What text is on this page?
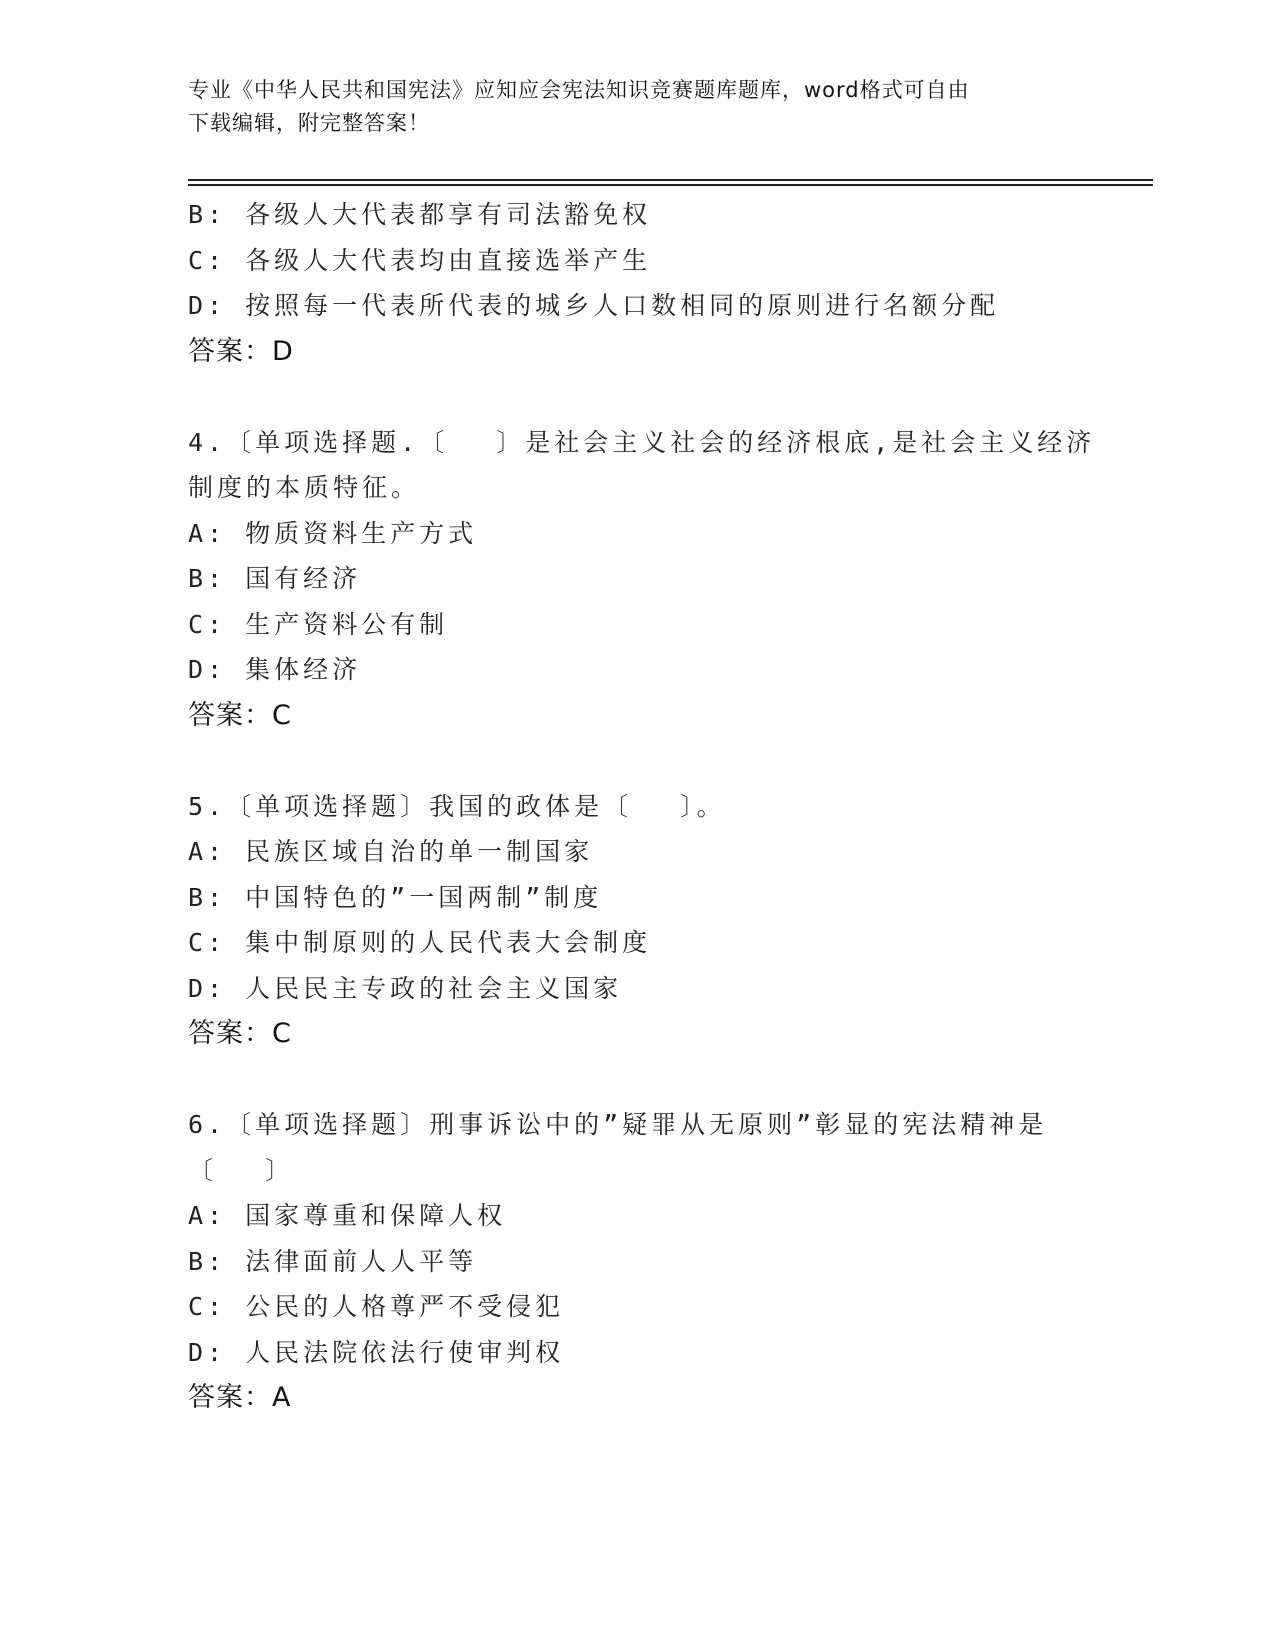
专业《中华人民共和国宪法》应知应会宪法知识竞赛题库题库，word格式可自由
下载编辑，附完整答案！
B: 各级人大代表都享有司法豁免权
C: 各级人大代表均由直接选举产生
D: 按照每一代表所代表的城乡人口数相同的原则进行名额分配
答案：D
4.〔单项选择题.〔　 〕是社会主义社会的经济根底,是社会主义经济
制度的本质特征。
A: 物质资料生产方式
B: 国有经济
C: 生产资料公有制
D: 集体经济
答案：C
5.〔单项选择题〕我国的政体是〔　 〕。
A: 民族区域自治的单一制国家
B: 中国特色的”一国两制”制度
C: 集中制原则的人民代表大会制度
D: 人民民主专政的社会主义国家
答案：C
6.〔单项选择题〕刑事诉讼中的”疑罪从无原则”彰显的宪法精神是
〔　 〕
A: 国家尊重和保障人权
B: 法律面前人人平等
C: 公民的人格尊严不受侵犯
D: 人民法院依法行使审判权
答案：A
